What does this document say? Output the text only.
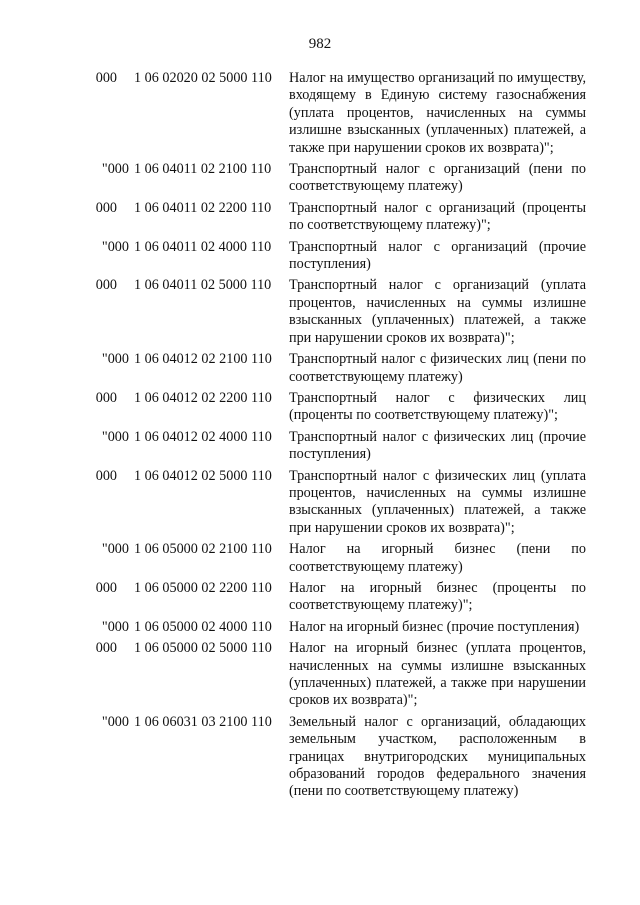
982
000 1 06 02020 02 5000 110 Налог на имущество организаций по имуществу, входящему в Единую систему газоснабжения (уплата процентов, начисленных на суммы излишне взысканных (уплаченных) платежей, а также при нарушении сроков их возврата)";
"000 1 06 04011 02 2100 110 Транспортный налог с организаций (пени по соответствующему платежу)
000 1 06 04011 02 2200 110 Транспортный налог с организаций (проценты по соответствующему платежу)";
"000 1 06 04011 02 4000 110 Транспортный налог с организаций (прочие поступления)
000 1 06 04011 02 5000 110 Транспортный налог с организаций (уплата процентов, начисленных на суммы излишне взысканных (уплаченных) платежей, а также при нарушении сроков их возврата)";
"000 1 06 04012 02 2100 110 Транспортный налог с физических лиц (пени по соответствующему платежу)
000 1 06 04012 02 2200 110 Транспортный налог с физических лиц (проценты по соответствующему платежу)";
"000 1 06 04012 02 4000 110 Транспортный налог с физических лиц (прочие поступления)
000 1 06 04012 02 5000 110 Транспортный налог с физических лиц (уплата процентов, начисленных на суммы излишне взысканных (уплаченных) платежей, а также при нарушении сроков их возврата)";
"000 1 06 05000 02 2100 110 Налог на игорный бизнес (пени по соответствующему платежу)
000 1 06 05000 02 2200 110 Налог на игорный бизнес (проценты по соответствующему платежу)";
"000 1 06 05000 02 4000 110 Налог на игорный бизнес (прочие поступления)
000 1 06 05000 02 5000 110 Налог на игорный бизнес (уплата процентов, начисленных на суммы излишне взысканных (уплаченных) платежей, а также при нарушении сроков их возврата)";
"000 1 06 06031 03 2100 110 Земельный налог с организаций, обладающих земельным участком, расположенным в границах внутригородских муниципальных образований городов федерального значения (пени по соответствующему платежу)
